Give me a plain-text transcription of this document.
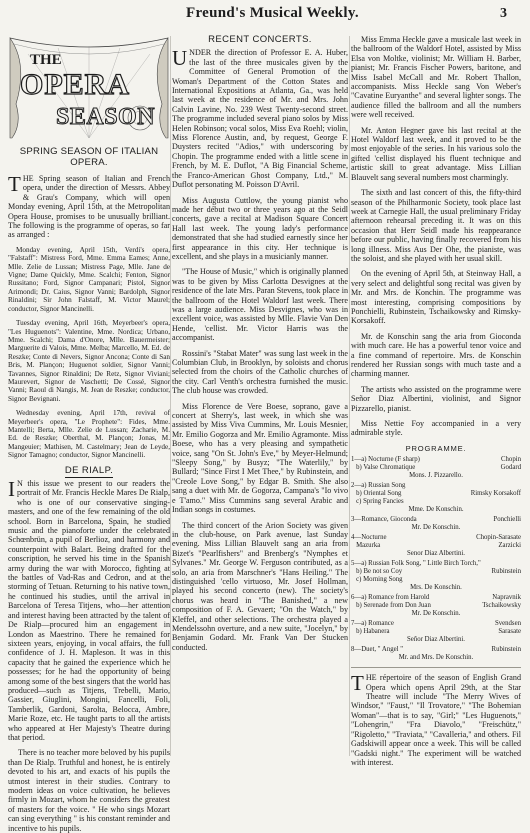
Freund's Musical Weekly.	3
THE
OPERA
SEASON
SPRING SEASON OF ITALIAN OPERA.
THE Spring season of Italian and French opera, under the direction of Messrs. Abbey & Grau's Company, which will open Monday evening, April 15th, at the Metropolitan Opera House, promises to be unusually brilliant. The following is the programme of operas, so far as arranged :
Monday evening, April 15th, Verdi's opera, "Falstaff": Mistress Ford, Mme. Emma Eames; Anne, Mlle. Zelie de Lussan; Mistress Page, Mlle. Jane de Vigne; Dame Quickly, Mme. Scalchi; Fenton, Signor Russitano; Ford, Signor Campanari; Pistol, Signor Arimondi; Dr. Caius, Signor Vanni; Bardolph, Signor Rinaldini; Sir John Falstaff, M. Victor Maurel; conductor, Signor Mancinelli.
Tuesday evening, April 16th, Meyerbeer's opera, "Les Huguenots": Valentine, Mme. Nordica; Urbano, Mme. Scalchi; Dama d'Onore, Mlle. Bauermeister; Marguerite di Valois, Mme. Melba; Marcello, M. Ed. de Reszke; Conte di Nevers, Signor Ancona; Conte di San Bris, M. Plançon; Huguenot soldier, Signor Vanni; Tavannes, Signor Rinaldini; De Retz, Signor Viviani; Maurevert, Signor de Vaschetti; De Cossé, Signor Vanni; Raoul di Nangis, M. Jean de Reszke; conductor, Signor Bevignani.
Wednesday evening, April 17th, revival of Meyerbeer's opera, "Le Prophete": Fides, Mme. Mantelli; Berta, Mlle. Zelie de Lussan; Zacharie, M. Ed. de Reszke; Oberthal, M. Plançon; Jonas, M. Mangeuier; Mathisen, M. Castelmary; Jean de Leyde, Signor Tamagno; conductor, Signor Mancinelli.
DE RIALP.
I N this issue we present to our readers the portrait of Mr. Francis Heckle Mares De Rialp, who is one of our conservative singing-masters, and one of the few remaining of the old school. Born in Barcelona, Spain, he studied music and the pianoforte under the celebrated Schœnbrün, a pupil of Berlioz, and harmony and counterpoint with Balart. Being drafted for the conscription, he served his time in the Spanish army during the war with Morocco, fighting at the battles of Vad-Ras and Cedron, and at the storming of Tetuan. Returning to his native town, he continued his studies, until the arrival in Barcelona of Teresa Titjens, who—her attention and interest having been attracted by the talent of De Rialp—procured him an engagement in London as Maestrino. There he remained for sixteen years, enjoying, in vocal affairs, the full confidence of J. H. Mapleson. It was in this capacity that he gained the experience which he possesses; for he had the opportunity of being among some of the best singers that the world has produced—such as Titjens, Trebelli, Mario, Gassier, Giuglini, Mongini, Fancelli, Foli, Tamberlik, Gardoni, Sarolta, Belocca, Ambre, Marie Roze, etc. He taught parts to all the artists who appeared at Her Majesty's Theatre during that period.
There is no teacher more beloved by his pupils than De Rialp. Truthful and honest, he is entirely devoted to his art, and exacts of his pupils the utmost interest in their studies. Contrary to modern ideas on voice cultivation, he believes firmly in Mozart, whom he considers the greatest of masters for the voice. " He who sings Mozart can sing everything " is his constant reminder and incentive to his pupils.
RECENT CONCERTS.
UNDER the direction of Professor E. A. Huber, the last of the three musicales given by the Committee of General Promotion of the Woman's Department of the Cotton States and International Expositions at Atlanta, Ga., was held last week at the residence of Mr. and Mrs. John Calvin Lavine, No. 239 West Twenty-second street. The programme included several piano solos by Miss Helen Robinson; vocal solos, Miss Eva Roehl; violin, Miss Florence Austin, and, by request, George F. Duysters recited "Adios," with underscoring by Chopin. The programme ended with a little scene in French, by M. E. Duflot, "A Big Financial Scheme, the Franco-American Ghost Company, Ltd.," M. Duflot personating M. Poisson D'Avril.
Miss Augusta Cuttlow, the young pianist who made her début two or three years ago at the Seidl concerts, gave a recital at Madison Square Concert Hall last week. The young lady's performance demonstrated that she had studied earnestly since her first appearance in this city. Her technique is excellent, and she plays in a musicianly manner.
"The House of Music," which is originally planned was to be given by Miss Carlotta Desvignes at the residence of the late Mrs. Paran Stevens, took place in the ballroom of the Hotel Waldorf last week. There was a large audience. Miss Desvignes, who was in excellent voice, was assisted by Mlle. Flavie Van Den Hende, 'cellist. Mr. Victor Harris was the accompanist.
Rossini's "Stabat Mater" was sung last week in the Columbian Club, in Brooklyn, by soloists and chorus selected from the choirs of the Catholic churches of the city. Carl Venth's orchestra furnished the music. The club house was crowded.
Miss Florence de Vere Boese, soprano, gave a concert at Sherry's, last week, in which she was assisted by Miss Viva Cummins, Mr. Louis Mesnier, Mr. Emilio Gogorza and Mr. Emilio Agramonte. Miss Boese, who has a very pleasing and sympathetic voice, sang "On St. John's Eve," by Meyer-Helmund; "Sleepy Song," by Busyz; "The Waterlily," by Bullard; "Since First I Met Thee," by Rubinstein, and "Creole Love Song," by Edgar B. Smith. She also sang a duet with Mr. de Gogorza, Campana's "Io vivo e T'amo." Miss Cummins sang several Arabic and Indian songs in costumes.
The third concert of the Arion Society was given in the club-house, on Park avenue, last Sunday evening. Miss Lillian Blauvelt sang an aria from Bizet's "Pearlfishers" and Brenberg's "Nymphes et Sylvanes." Mr. George W. Ferguson contributed, as a solo, an aria from Marschner's "Hans Heiling." The distinguished 'cello virtuoso, Mr. Josef Hollman, played his second concerto (new). The society's chorus was heard in "The Banished," a new composition of F. A. Gevaert; "On the Watch," by Kleffel, and other selections. The orchestra played a Mendelssohn overture, and a new suite, "Jocelyn," by Benjamin Godard. Mr. Frank Van Der Stucken conducted.
Miss Emma Heckle gave a musicale last week in the ballroom of the Waldorf Hotel, assisted by Miss Elsa von Moltke, violinist; Mr. William H. Barber, pianist; Mr. Francis Fischer Powers, baritone, and Miss Isabel McCall and Mr. Robert Thallon, accompanists. Miss Heckle sang Von Weber's "Cavatine Euryanthe" and several lighter songs. The audience filled the ballroom and all the numbers were well received.
Mr. Anton Hegner gave his last recital at the Hotel Waldorf last week, and it proved to be the most enjoyable of the series. In his various solo the gifted 'cellist displayed his fluent technique and artistic skill to great advantage. Miss Lillian Blauvelt sang several numbers most charmingly.
The sixth and last concert of this, the fifty-third season of the Philharmonic Society, took place last week at Carnegie Hall, the usual preliminary Friday afternoon rehearsal preceding it. It was on this occasion that Herr Seidl made his reappearance before our public, having finally recovered from his long illness. Miss Aus Der Ohe, the pianiste, was the soloist, and she played with her usual skill.
On the evening of April 5th, at Steinway Hall, a very select and delightful song recital was given by Mr. and Mrs. de Konchin. The programme was most interesting, comprising compositions by Ponchielli, Rubinstein, Tschaikowsky and Rimsky-Korsakoff.
Mr. de Konschin sang the aria from Gioconda with much care. He has a powerful tenor voice and a fine command of repertoire. Mrs. de Konschin rendered her Russian songs with much taste and a charming manner.
The artists who assisted on the programme were Señor Diaz Albertini, violinist, and Signor Pizzarello, pianist.
Miss Nettie Foy accompanied in a very admirable style.
PROGRAMME.
1—a) Nocturne (F sharp)	Chopin
b) Valse Chromatique	Godard
Mons. J. Pizzarello.
2—a) Russian Song
b) Oriental Song	Rimsky Korsakoff
c) Spring Fancies
Mme. De Konschin.
3—Romance, Gioconda	Ponchielli
Mr. De Konschin.
4—Nocturne	Chopin-Sarasate
Mazurka	Zarzicki
Senor Diaz Albertini.
5—a) Russian Folk Song, " Little Birch Torch,"
b) Be not so Coy	Rubinstein
c) Morning Song
Mrs. De Konschin.
6—a) Romance from Harold	Napravnik
b) Serenade from Don Juan	Tschaikowsky
Mr. De Konschin.
7—a) Romance	Svendsen
b) Habanera	Sarasate
Señor Diaz Albertini.
8—Duet, " Angel "	Rubinstein
Mr. and Mrs. De Konschin.
THE répertoire of the season of English Grand Opera which opens April 29th, at the Star Theatre will include "The Merry Wives of Windsor," "Faust," "Il Trovatore," "The Bohemian Woman"—that is to say, "Girl;" "Les Huguenots," "Lohengrin," "Fra Diavolo," "Freischütz," "Rigoletto," "Traviata," "Cavalleria," and others. Fil Gadskiwill appear once a week. This will be called "Gadski night." The experiment will be watched with interest.
